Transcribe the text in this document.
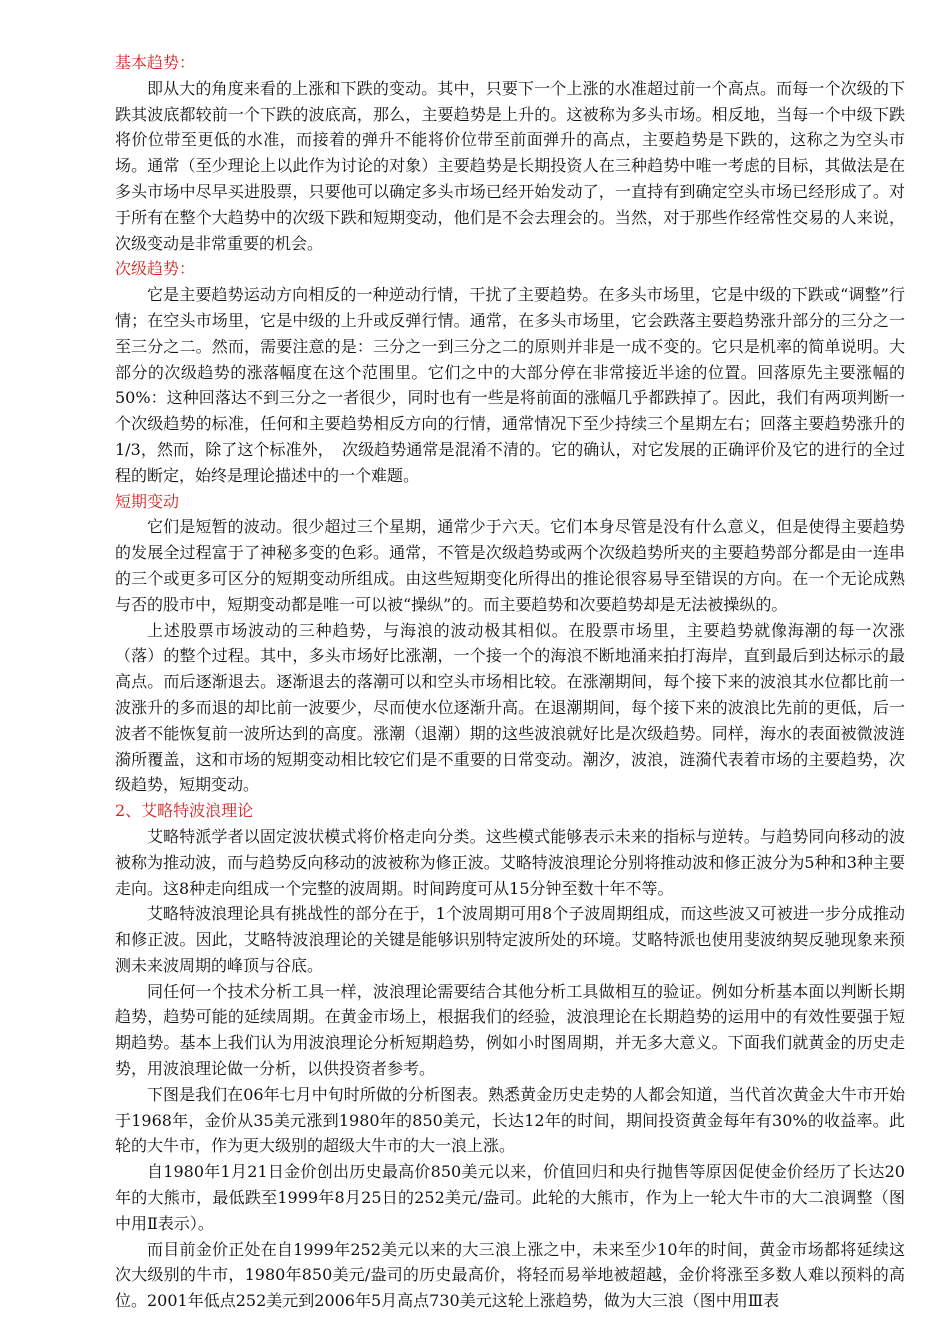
基本趋势：

即从大的角度来看的上涨和下跌的变动。其中，只要下一个上涨的水准超过前一个高点。而每一个次级的下跌其波底都较前一个下跌的波底高，那么，主要趋势是上升的。这被称为多头市场。相反地，当每一个中级下跌将价位带至更低的水准，而接着的弹升不能将价位带至前面弹升的高点，主要趋势是下跌的，这称之为空头市场。通常（至少理论上以此作为讨论的对象）主要趋势是长期投资人在三种趋势中唯一考虑的目标，其做法是在多头市场中尽早买进股票，只要他可以确定多头市场已经开始发动了，一直持有到确定空头市场已经形成了。对于所有在整个大趋势中的次级下跌和短期变动，他们是不会去理会的。当然，对于那些作经常性交易的人来说，次级变动是非常重要的机会。

次级趋势：

它是主要趋势运动方向相反的一种逆动行情，干扰了主要趋势。在多头市场里，它是中级的下跌或“调整”行情；在空头市场里，它是中级的上升或反弹行情。通常，在多头市场里，它会跌落主要趋势涨升部分的三分之一至三分之二。然而，需要注意的是：三分之一到三分之二的原则并非是一成不变的。它只是机率的简单说明。大部分的次级趋势的涨落幅度在这个范围里。它们之中的大部分停在非常接近半途的位置。回落原先主要涨幅的50%：这种回落达不到三分之一者很少，同时也有一些是将前面的涨幅几乎都跌掉了。因此，我们有两项判断一个次级趋势的标准，任何和主要趋势相反方向的行情，通常情况下至少持续三个星期左右；回落主要趋势涨升的1/3，然而，除了这个标准外，　次级趋势通常是混淆不清的。它的确认，对它发展的正确评价及它的进行的全过程的断定，始终是理论描述中的一个难题。

短期变动

它们是短暂的波动。很少超过三个星期，通常少于六天。它们本身尽管是没有什么意义，但是使得主要趋势的发展全过程富于了神秘多变的色彩。通常，不管是次级趋势或两个次级趋势所夹的主要趋势部分都是由一连串的三个或更多可区分的短期变动所组成。由这些短期变化所得出的推论很容易导至错误的方向。在一个无论成熟与否的股市中，短期变动都是唯一可以被“操纵”的。而主要趋势和次要趋势却是无法被操纵的。

上述股票市场波动的三种趋势，与海浪的波动极其相似。在股票市场里，主要趋势就像海潮的每一次涨（落）的整个过程。其中，多头市场好比涨潮，一个接一个的海浪不断地涌来拍打海岸，直到最后到达标示的最高点。而后逐渐退去。逐渐退去的落潮可以和空头市场相比较。在涨潮期间，每个接下来的波浪其水位都比前一波涨升的多而退的却比前一波要少，尽而使水位逐渐升高。在退潮期间，每个接下来的波浪比先前的更低，后一波者不能恢复前一波所达到的高度。涨潮（退潮）期的这些波浪就好比是次级趋势。同样，海水的表面被微波涟漪所覆盖，这和市场的短期变动相比较它们是不重要的日常变动。潮汐，波浪，涟漪代表着市场的主要趋势，次级趋势，短期变动。

2、艾略特波浪理论

艾略特派学者以固定波状模式将价格走向分类。这些模式能够表示未来的指标与逆转。与趋势同向移动的波被称为推动波，而与趋势反向移动的波被称为修正波。艾略特波浪理论分别将推动波和修正波分为5种和3种主要走向。这8种走向组成一个完整的波周期。时间跨度可从15分钟至数十年不等。

艾略特波浪理论具有挑战性的部分在于，1个波周期可用8个子波周期组成，而这些波又可被进一步分成推动和修正波。因此，艾略特波浪理论的关键是能够识别特定波所处的环境。艾略特派也使用斐波纳契反驰现象来预测未来波周期的峰顶与谷底。

同任何一个技术分析工具一样，波浪理论需要结合其他分析工具做相互的验证。例如分析基本面以判断长期趋势，趋势可能的延续周期。在黄金市场上，根据我们的经验，波浪理论在长期趋势的运用中的有效性要强于短期趋势。基本上我们认为用波浪理论分析短期趋势，例如小时图周期，并无多大意义。下面我们就黄金的历史走势，用波浪理论做一分析，以供投资者参考。

下图是我们在06年七月中旬时所做的分析图表。熟悉黄金历史走势的人都会知道，当代首次黄金大牛市开始于1968年，金价从35美元涨到1980年的850美元，长达12年的时间，期间投资黄金每年有30%的收益率。此轮的大牛市，作为更大级别的超级大牛市的大一浪上涨。

自1980年1月21日金价创出历史最高价850美元以来，价值回归和央行抛售等原因促使金价经历了长达20年的大熊市，最低跌至1999年8月25日的252美元/盎司。此轮的大熊市，作为上一轮大牛市的大二浪调整（图中用Ⅱ表示）。

而目前金价正处在自1999年252美元以来的大三浪上涨之中，未来至少10年的时间，黄金市场都将延续这次大级别的牛市，1980年850美元/盎司的历史最高价，将轻而易举地被超越，金价将涨至多数人难以预料的高位。2001年低点252美元到2006年5月高点730美元这轮上涨趋势，做为大三浪（图中用Ⅲ表
